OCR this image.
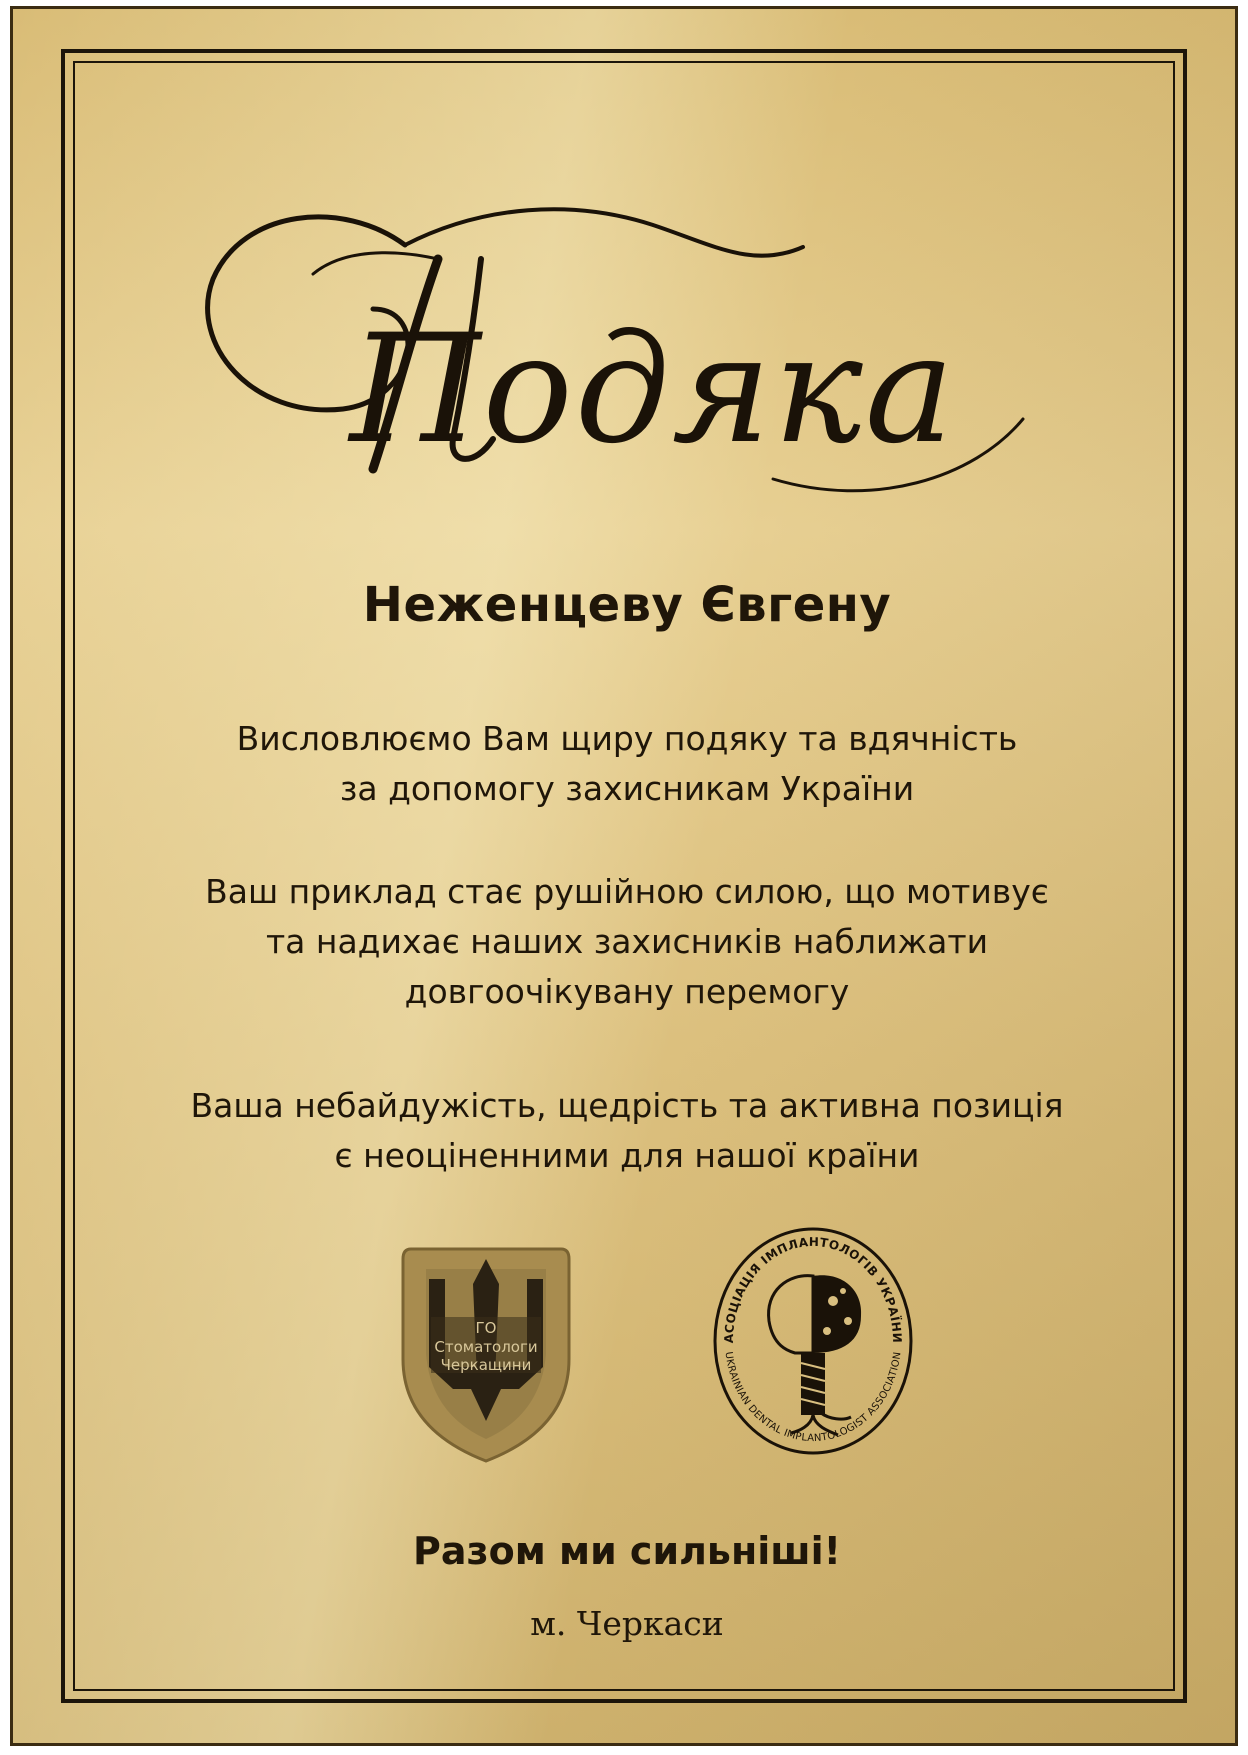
Подяка
Неженцеву Євгену
Висловлюємо Вам щиру подяку та вдячність
за допомогу захисникам України
Ваш приклад стає рушійною силою, що мотивує
та надихає наших захисників наближати
довгоочікувану перемогу
Ваша небайдужість, щедрість та активна позиція
є неоціненними для нашої країни
ГО
Стоматологи
Черкащини
АСОЦІАЦІЯ ІМПЛАНТОЛОГІВ УКРАЇНИ
UKRAINIAN DENTAL IMPLANTOLOGIST ASSOCIATION
Разом ми сильніші!
м. Черкаси
